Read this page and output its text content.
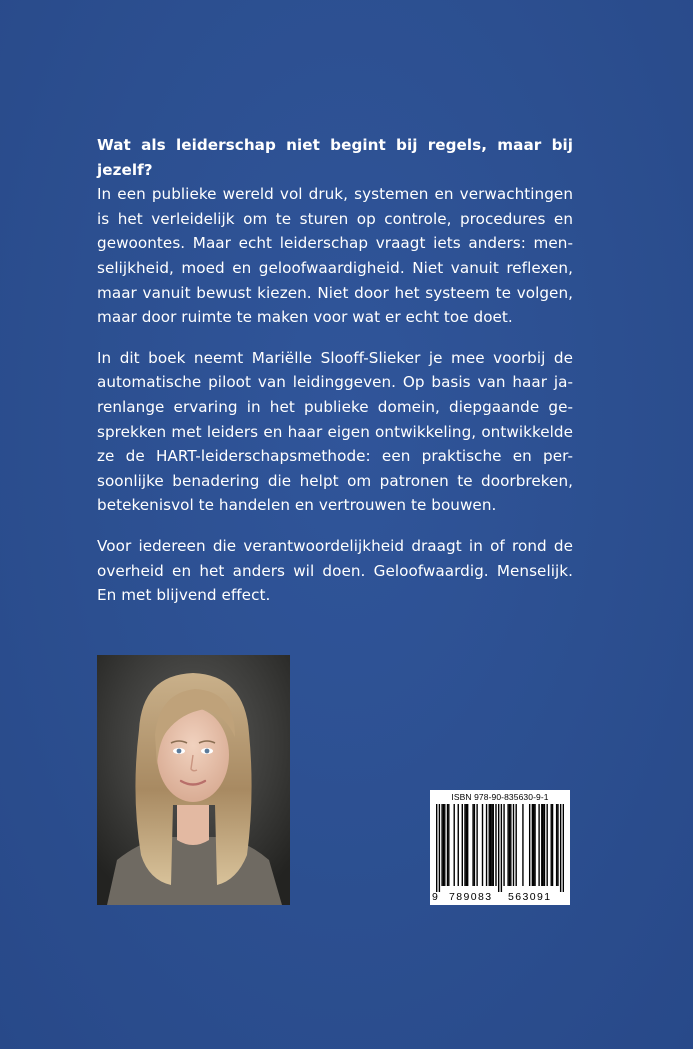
Wat als leiderschap niet begint bij regels, maar bij jezelf?
In een publieke wereld vol druk, systemen en verwachtingen
is het verleidelijk om te sturen op controle, procedures en
gewoontes. Maar echt leiderschap vraagt iets anders: men-
selijkheid, moed en geloofwaardigheid. Niet vanuit reflexen,
maar vanuit bewust kiezen. Niet door het systeem te volgen,
maar door ruimte te maken voor wat er echt toe doet.

In dit boek neemt Mariëlle Slooff-Slieker je mee voorbij de
automatische piloot van leidinggeven. Op basis van haar ja-
renlange ervaring in het publieke domein, diepgaande ge-
sprekken met leiders en haar eigen ontwikkeling, ontwikkelde
ze de HART-leiderschapsmethode: een praktische en per-
soonlijke benadering die helpt om patronen te doorbreken,
betekenisvol te handelen en vertrouwen te bouwen.

Voor iedereen die verantwoordelijkheid draagt in of rond de
overheid en het anders wil doen. Geloofwaardig. Menselijk.
En met blijvend effect.

ISBN 978-90-835630-9-1
9 789083 563091
